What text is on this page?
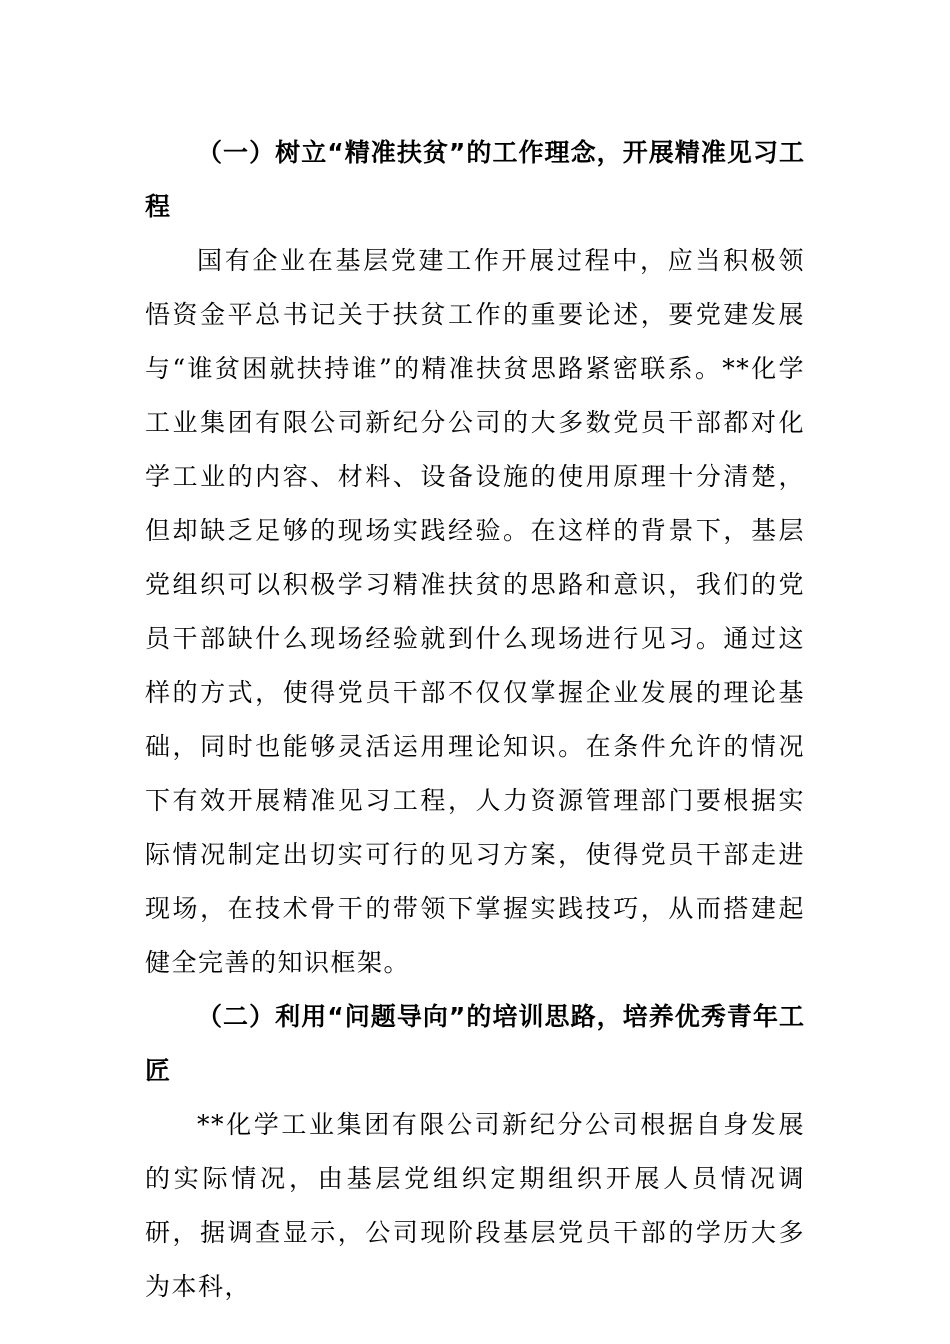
（一）树立“精准扶贫”的工作理念，开展精准见习工程

国有企业在基层党建工作开展过程中，应当积极领悟资金平总书记关于扶贫工作的重要论述，要党建发展与“谁贫困就扶持谁”的精准扶贫思路紧密联系。**化学工业集团有限公司新纪分公司的大多数党员干部都对化学工业的内容、材料、设备设施的使用原理十分清楚，但却缺乏足够的现场实践经验。在这样的背景下，基层党组织可以积极学习精准扶贫的思路和意识，我们的党员干部缺什么现场经验就到什么现场进行见习。通过这样的方式，使得党员干部不仅仅掌握企业发展的理论基础，同时也能够灵活运用理论知识。在条件允许的情况下有效开展精准见习工程，人力资源管理部门要根据实际情况制定出切实可行的见习方案，使得党员干部走进现场，在技术骨干的带领下掌握实践技巧，从而搭建起健全完善的知识框架。

（二）利用“问题导向”的培训思路，培养优秀青年工匠

**化学工业集团有限公司新纪分公司根据自身发展的实际情况，由基层党组织定期组织开展人员情况调研，据调查显示，公司现阶段基层党员干部的学历大多为本科，
